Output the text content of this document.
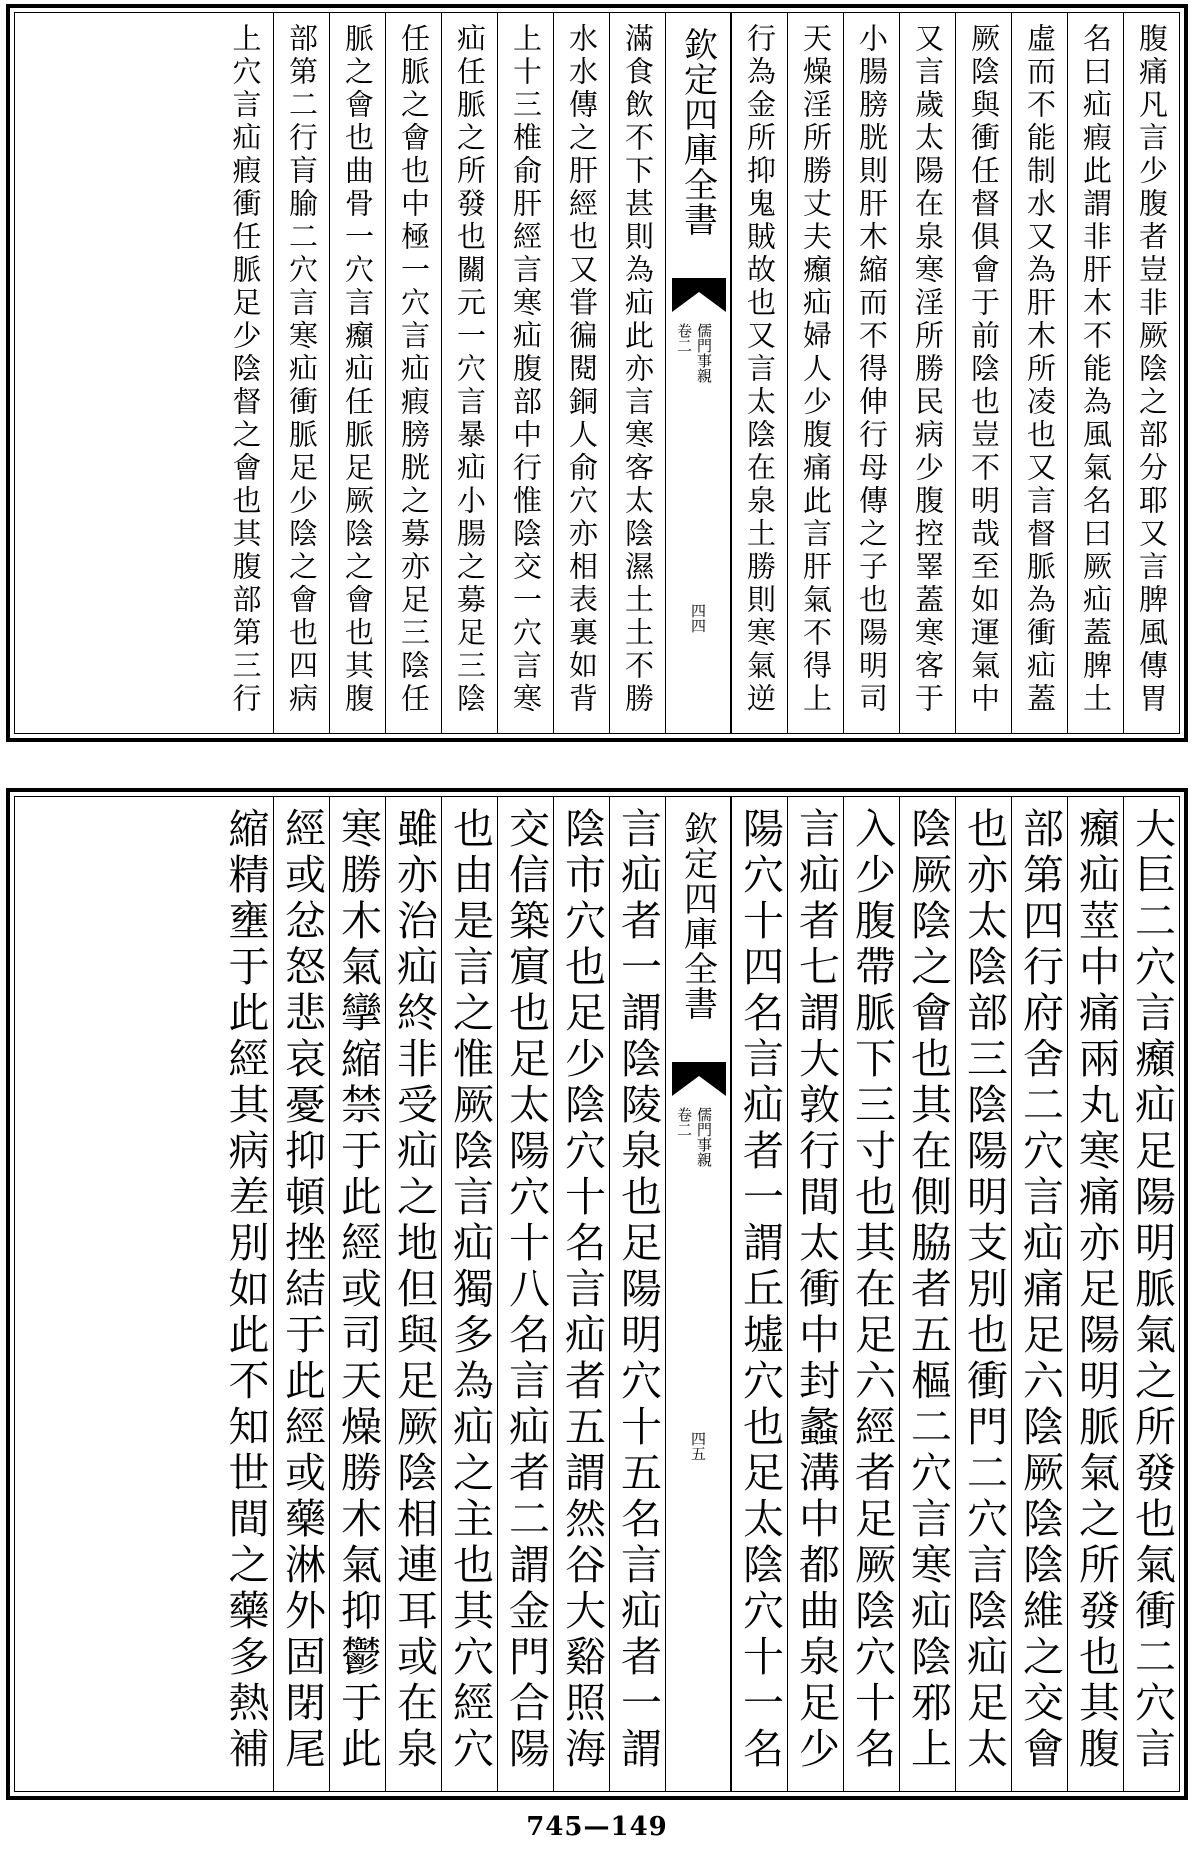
腹痛凡言少腹者豈非厥陰之部分耶又言脾風傳胃
名曰疝瘕此謂非肝木不能為風氣名曰厥疝蓋脾土
虛而不能制水又為肝木所凌也又言督脈為衝疝蓋
厥陰與衝任督俱會于前陰也豈不明哉至如運氣中
又言歲太陽在泉寒淫所勝民病少腹控睪蓋寒客于
小腸膀胱則肝木縮而不得伸行母傳之子也陽明司
天燥淫所勝丈夫㿗疝婦人少腹痛此言肝氣不得上
行為金所抑鬼賊故也又言太陰在泉土勝則寒氣逆
欽定四庫全書
儒門事親
卷二
四四
滿食飲不下甚則為疝此亦言寒客太陰濕土土不勝
水水傳之肝經也又甞徧閱銅人俞穴亦相表裏如背
上十三椎俞肝經言寒疝腹部中行惟陰交一穴言寒
疝任脈之所發也關元一穴言暴疝小腸之募足三陰
任脈之會也中極一穴言疝瘕膀胱之募亦足三陰任
脈之會也曲骨一穴言㿗疝任脈足厥陰之會也其腹
部第二行肓腧二穴言寒疝衝脈足少陰之會也四病
上穴言疝瘕衝任脈足少陰督之會也其腹部第三行
大巨二穴言㿗疝足陽明脈氣之所發也氣衝二穴言
㿗疝莖中痛兩丸寒痛亦足陽明脈氣之所發也其腹
部第四行府舍二穴言疝痛足六陰厥陰陰維之交會
也亦太陰部三陰陽明支別也衝門二穴言陰疝足太
陰厥陰之會也其在側脇者五樞二穴言寒疝陰邪上
入少腹帶脈下三寸也其在足六經者足厥陰穴十名
言疝者七謂大敦行間太衝中封蠡溝中都曲泉足少
陽穴十四名言疝者一謂丘墟穴也足太陰穴十一名
欽定四庫全書
儒門事親
卷二
四五
言疝者一謂陰陵泉也足陽明穴十五名言疝者一謂
陰市穴也足少陰穴十名言疝者五謂然谷大谿照海
交信築賔也足太陽穴十八名言疝者二謂金門合陽
也由是言之惟厥陰言疝獨多為疝之主也其穴經穴
雖亦治疝終非受疝之地但與足厥陰相連耳或在泉
寒勝木氣攣縮禁于此經或司天燥勝木氣抑鬱于此
經或忿怒悲哀憂抑頓挫結于此經或藥淋外固閉尾
縮精壅于此經其病差別如此不知世間之藥多熱補
745—149
